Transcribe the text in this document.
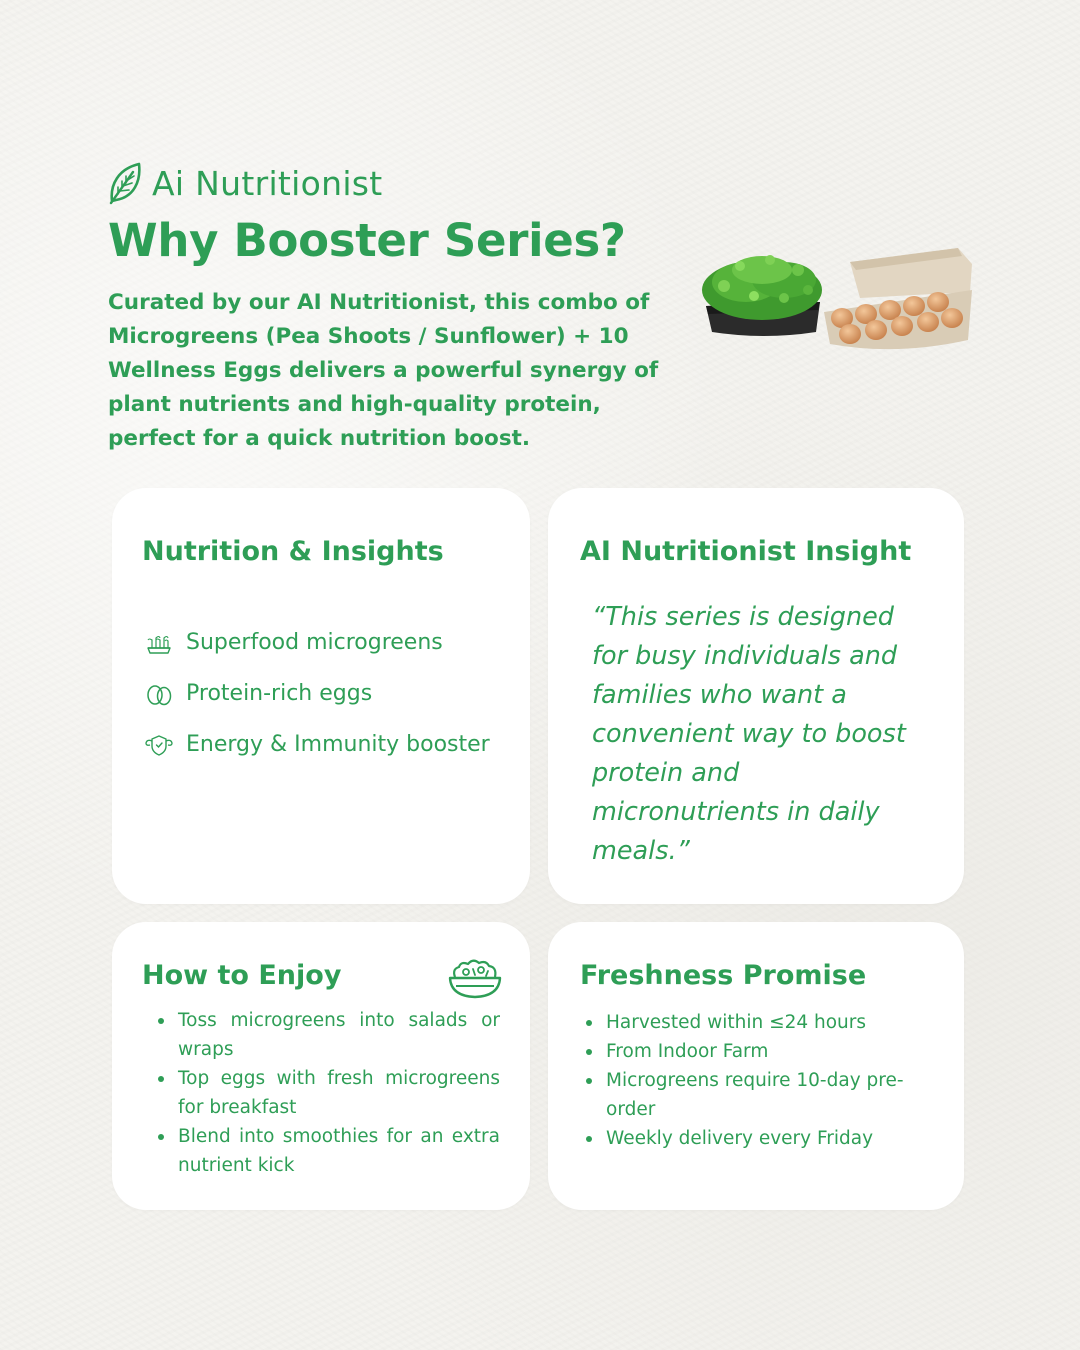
Ai Nutritionist
Why Booster Series?

Curated by our AI Nutritionist, this combo of Microgreens (Pea Shoots / Sunflower) + 10 Wellness Eggs delivers a powerful synergy of plant nutrients and high-quality protein, perfect for a quick nutrition boost.

Nutrition & Insights
Superfood microgreens
Protein-rich eggs
Energy & Immunity booster
AI Nutritionist Insight

“This series is designed for busy individuals and families who want a convenient way to boost protein and micronutrients in daily meals.”

How to Enjoy
Toss microgreens into salads or wraps
Top eggs with fresh microgreens for breakfast
Blend into smoothies for an extra nutrient kick
Freshness Promise
Harvested within ≤24 hours
From Indoor Farm
Microgreens require 10-day pre-order
Weekly delivery every Friday
